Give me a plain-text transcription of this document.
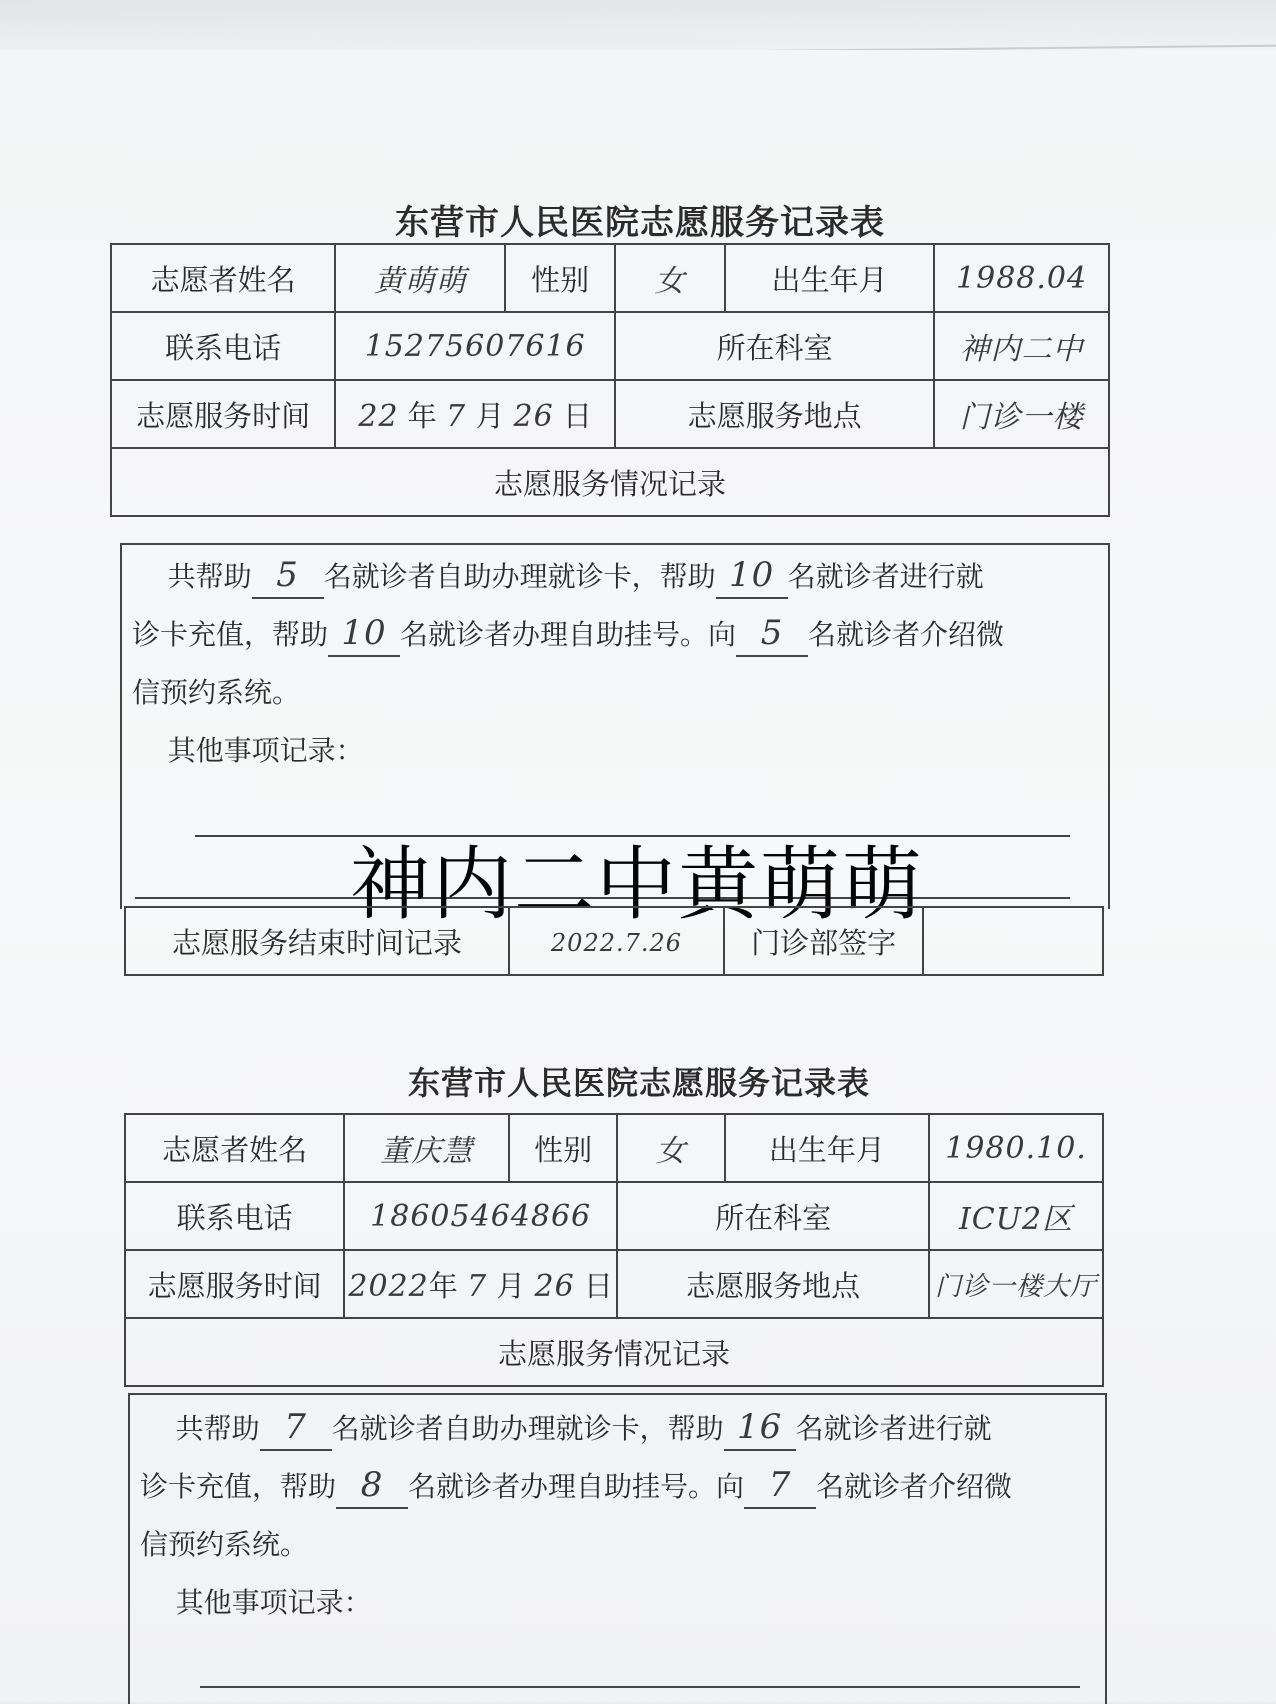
东营市人民医院志愿服务记录表
志愿者姓名	黄萌萌	性别	女	出生年月	1988.04
联系电话	15275607616		所在科室		神内二中
志愿服务时间	22 年 7 月 26 日		志愿服务地点		门诊一楼
志愿服务情况记录					

共帮助 5 名就诊者自助办理就诊卡，帮助 10 名就诊者进行就

诊卡充值，帮助 10 名就诊者办理自助挂号。向 5 名就诊者介绍微

信预约系统。

其他事项记录：

神内二中黄萌萌
志愿服务结束时间记录	2022.7.26	门诊部签字	
东营市人民医院志愿服务记录表
志愿者姓名	董庆慧	性别	女	出生年月	1980.10.
联系电话	18605464866		所在科室		ICU2区
志愿服务时间	2022年 7 月 26 日		志愿服务地点		门诊一楼大厅
志愿服务情况记录					

共帮助 7 名就诊者自助办理就诊卡，帮助 16 名就诊者进行就

诊卡充值，帮助 8 名就诊者办理自助挂号。向 7 名就诊者介绍微

信预约系统。

其他事项记录：
